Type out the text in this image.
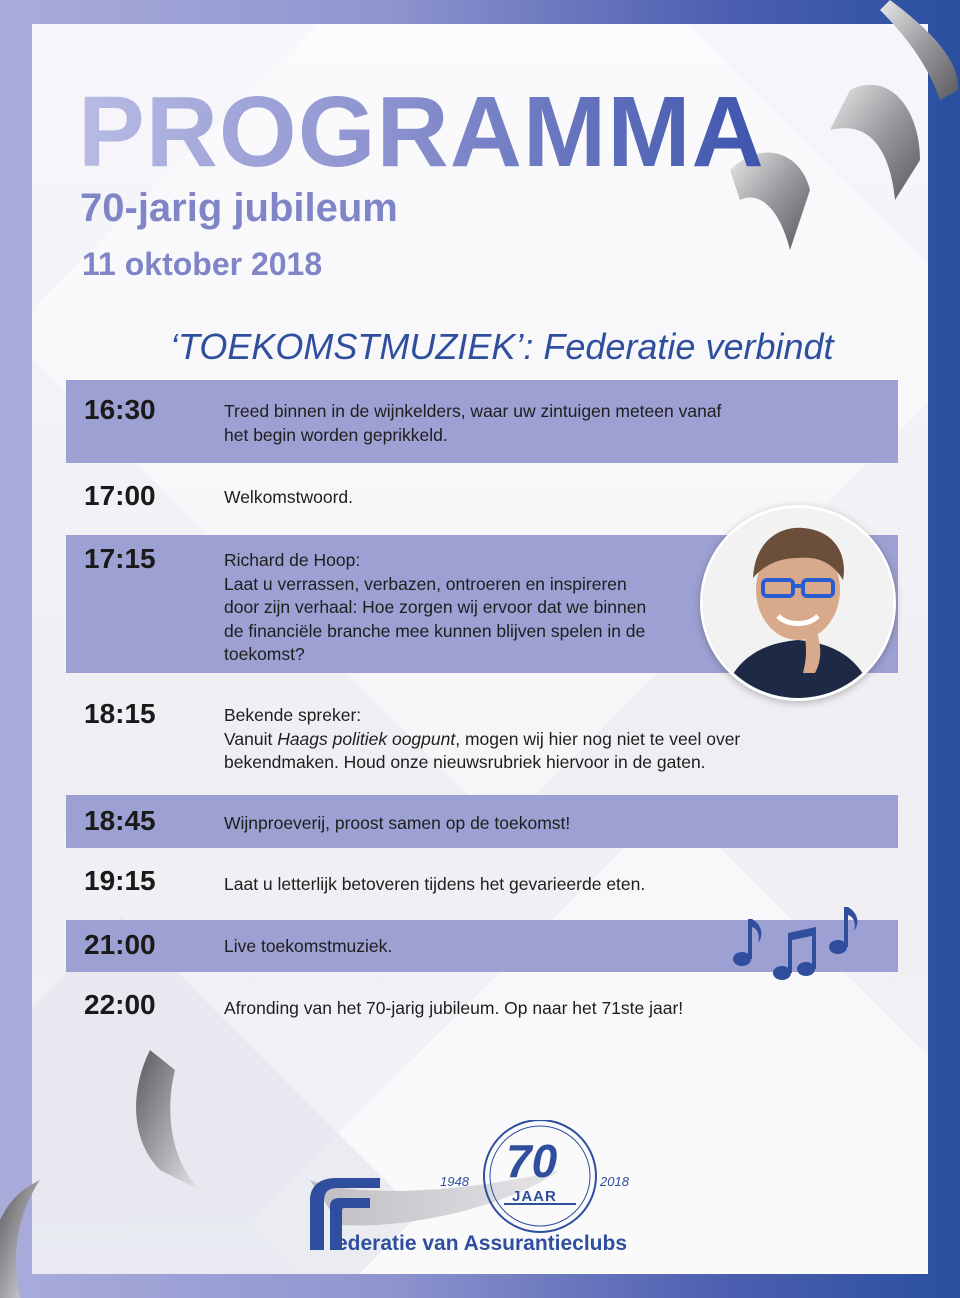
PROGRAMMA
70-jarig jubileum
11 oktober 2018
‘TOEKOMSTMUZIEK’: Federatie verbindt
16:30	Treed binnen in de wijnkelders, waar uw zintuigen meteen vanaf
het begin worden geprikkeld.
17:00	Welkomstwoord.
17:15	Richard de Hoop:
Laat u verrassen, verbazen, ontroeren en inspireren
door zijn verhaal: Hoe zorgen wij ervoor dat we binnen
de financiële branche mee kunnen blijven spelen in de
toekomst?
18:15	Bekende spreker:
Vanuit Haags politiek oogpunt, mogen wij hier nog niet te veel over
bekendmaken. Houd onze nieuwsrubriek hiervoor in de gaten.
18:45	Wijnproeverij, proost samen op de toekomst!
19:15	Laat u letterlijk betoveren tijdens het gevarieerde eten.
21:00	Live toekomstmuziek.
22:00	Afronding van het 70-jarig jubileum. Op naar het 71ste jaar!
70
JAAR
1948	2018
ederatie van Assurantieclubs
